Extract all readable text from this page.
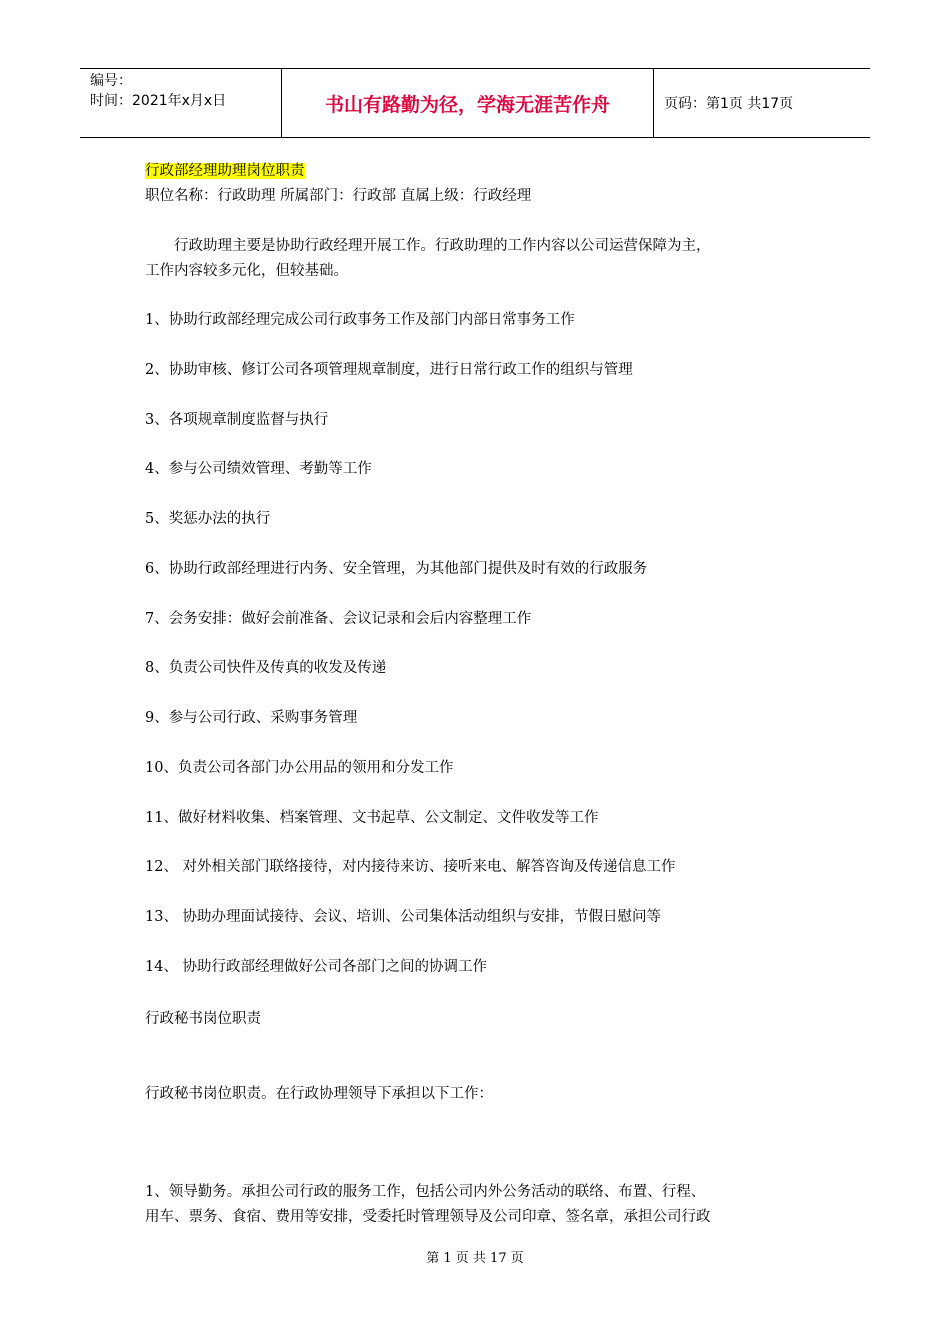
编号：
时间：2021年x月x日	书山有路勤为径，学海无涯苦作舟	页码：第1页 共17页
行政部经理助理岗位职责
职位名称：行政助理 所属部门：行政部 直属上级：行政经理
行政助理主要是协助行政经理开展工作。行政助理的工作内容以公司运营保障为主，
工作内容较多元化，但较基础。
1、协助行政部经理完成公司行政事务工作及部门内部日常事务工作
2、协助审核、修订公司各项管理规章制度，进行日常行政工作的组织与管理
3、各项规章制度监督与执行
4、参与公司绩效管理、考勤等工作
5、奖惩办法的执行
6、协助行政部经理进行内务、安全管理，为其他部门提供及时有效的行政服务
7、会务安排：做好会前准备、会议记录和会后内容整理工作
8、负责公司快件及传真的收发及传递
9、参与公司行政、采购事务管理
10、负责公司各部门办公用品的领用和分发工作
11、做好材料收集、档案管理、文书起草、公文制定、文件收发等工作
12、 对外相关部门联络接待，对内接待来访、接听来电、解答咨询及传递信息工作
13、 协助办理面试接待、会议、培训、公司集体活动组织与安排，节假日慰问等
14、 协助行政部经理做好公司各部门之间的协调工作
行政秘书岗位职责
行政秘书岗位职责。在行政协理领导下承担以下工作：
1、领导勤务。承担公司行政的服务工作，包括公司内外公务活动的联络、布置、行程、
用车、票务、食宿、费用等安排，受委托时管理领导及公司印章、签名章，承担公司行政
第 1 页 共 17 页
